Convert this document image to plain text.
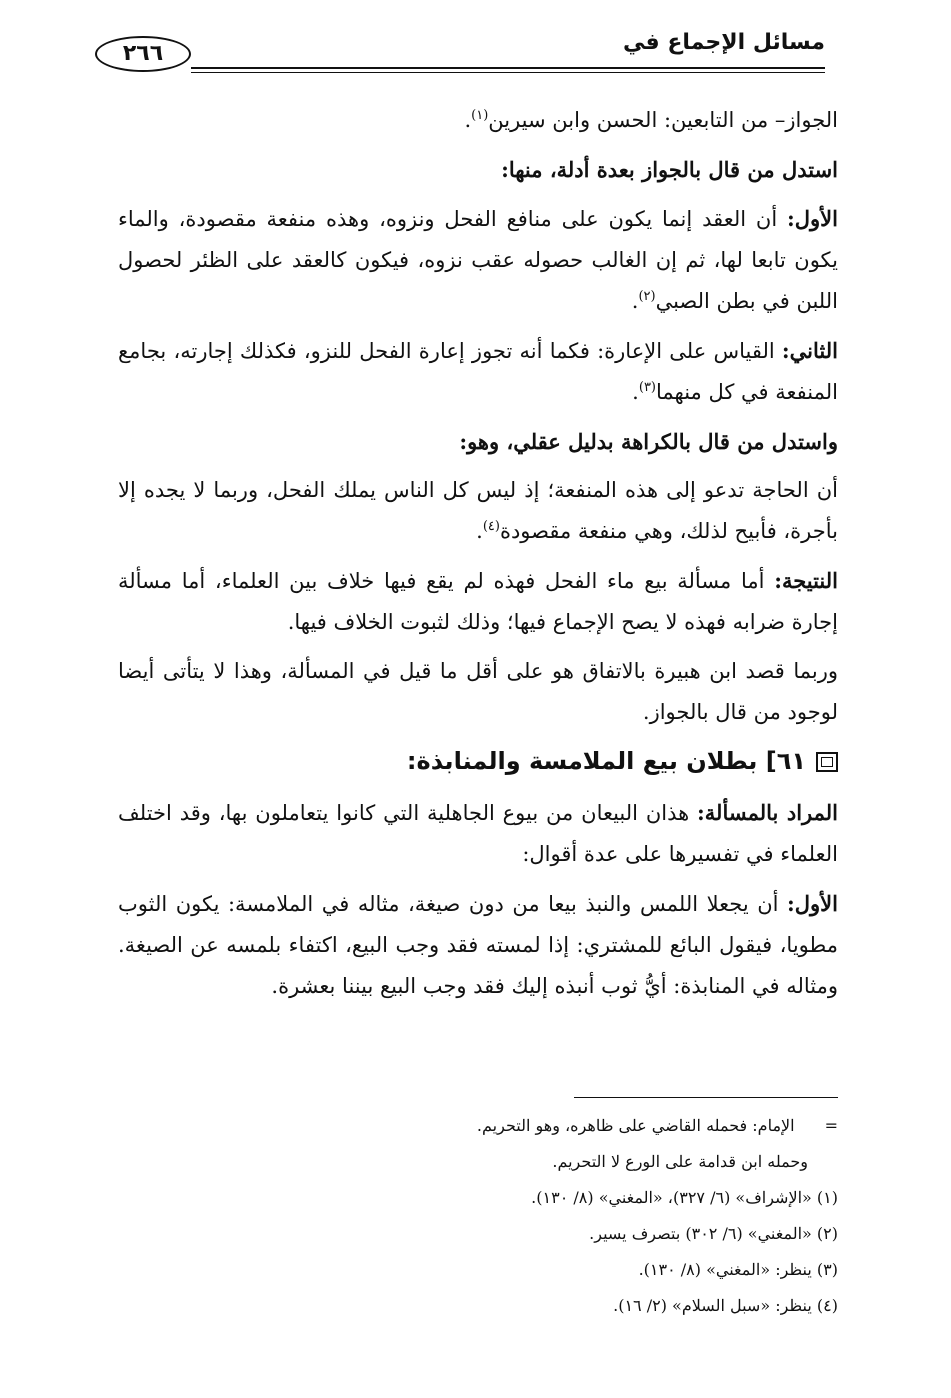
مسائل الإجماع في
٢٦٦

الجواز– من التابعين: الحسن وابن سيرين$^{(١)}$.

استدل من قال بالجواز بعدة أدلة، منها:

الأول: أن العقد إنما يكون على منافع الفحل ونزوه، وهذه منفعة مقصودة، والماء يكون تابعا لها، ثم إن الغالب حصوله عقب نزوه، فيكون كالعقد على الظئر لحصول اللبن في بطن الصبي$^{(٢)}$.

الثاني: القياس على الإعارة: فكما أنه تجوز إعارة الفحل للنزو، فكذلك إجارته، بجامع المنفعة في كل منهما$^{(٣)}$.

واستدل من قال بالكراهة بدليل عقلي، وهو:

أن الحاجة تدعو إلى هذه المنفعة؛ إذ ليس كل الناس يملك الفحل، وربما لا يجده إلا بأجرة، فأبيح لذلك، وهي منفعة مقصودة$^{(٤)}$.

النتيجة: أما مسألة بيع ماء الفحل فهذه لم يقع فيها خلاف بين العلماء، أما مسألة إجارة ضرابه فهذه لا يصح الإجماع فيها؛ وذلك لثبوت الخلاف فيها.

وربما قصد ابن هبيرة بالاتفاق هو على أقل ما قيل في المسألة، وهذا لا يتأتى أيضا لوجود من قال بالجواز.

٦١] بطلان بيع الملامسة والمنابذة:

المراد بالمسألة: هذان البيعان من بيوع الجاهلية التي كانوا يتعاملون بها، وقد اختلف العلماء في تفسيرها على عدة أقوال:

الأول: أن يجعلا اللمس والنبذ بيعا من دون صيغة، مثاله في الملامسة: يكون الثوب مطويا، فيقول البائع للمشتري: إذا لمسته فقد وجب البيع، اكتفاء بلمسه عن الصيغة. ومثاله في المنابذة: أيُّ ثوب أنبذه إليك فقد وجب البيع بيننا بعشرة.

=الإمام: فحمله القاضي على ظاهره، وهو التحريم.
وحمله ابن قدامة على الورع لا التحريم.
(١) «الإشراف» (٦/ ٣٢٧)، «المغني» (٨/ ١٣٠).
(٢) «المغني» (٦/ ٣٠٢) بتصرف يسير.
(٣) ينظر: «المغني» (٨/ ١٣٠).
(٤) ينظر: «سبل السلام» (٢/ ١٦).
